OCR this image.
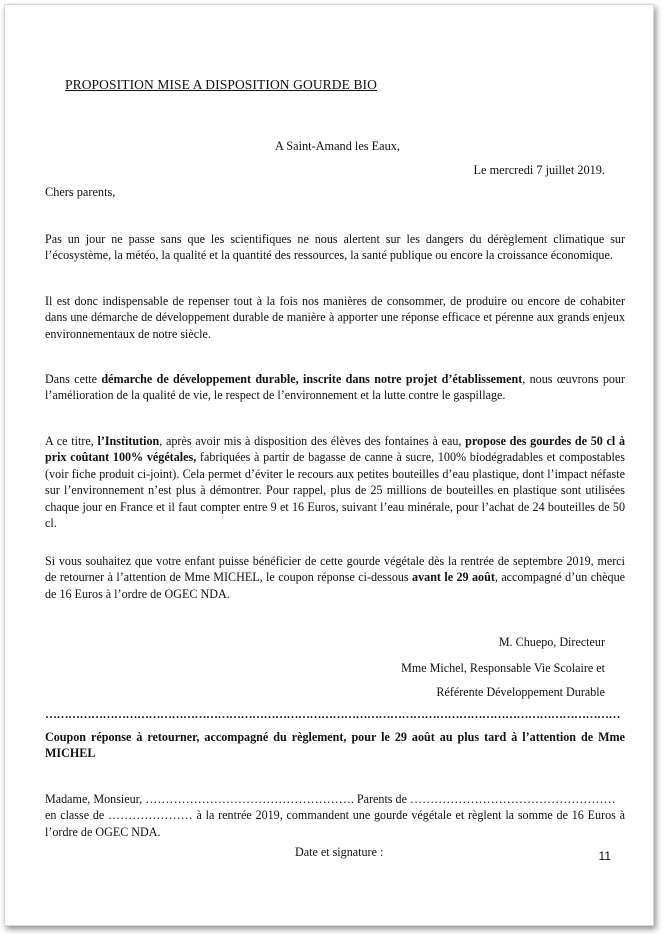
PROPOSITION MISE A DISPOSITION GOURDE BIO
A Saint-Amand les Eaux,
Le mercredi 7 juillet 2019.
Chers parents,

Pas un jour ne passe sans que les scientifiques ne nous alertent sur les dangers du dérèglement climatique sur l’écosystème, la météo, la qualité et la quantité des ressources, la santé publique ou encore la croissance économique.

Il est donc indispensable de repenser tout à la fois nos manières de consommer, de produire ou encore de cohabiter dans une démarche de développement durable de manière à apporter une réponse efficace et pérenne aux grands enjeux environnementaux de notre siècle.

Dans cette démarche de développement durable, inscrite dans notre projet d’établissement, nous œuvrons pour l’amélioration de la qualité de vie, le respect de l’environnement et la lutte contre le gaspillage.

A ce titre, l’Institution, après avoir mis à disposition des élèves des fontaines à eau, propose des gourdes de 50 cl à prix coûtant 100% végétales, fabriquées à partir de bagasse de canne à sucre, 100% biodégradables et compostables (voir fiche produit ci-joint). Cela permet d’éviter le recours aux petites bouteilles d’eau plastique, dont l’impact néfaste sur l’environnement n’est plus à démontrer. Pour rappel, plus de 25 millions de bouteilles en plastique sont utilisées chaque jour en France et il faut compter entre 9 et 16 Euros, suivant l’eau minérale, pour l’achat de 24 bouteilles de 50 cl.

Si vous souhaitez que votre enfant puisse bénéficier de cette gourde végétale dès la rentrée de septembre 2019, merci de retourner à l’attention de Mme MICHEL, le coupon réponse ci-dessous avant le 29 août, accompagné d’un chèque de 16 Euros à l’ordre de OGEC NDA.

M. Chuepo, Directeur
Mme Michel, Responsable Vie Scolaire et
Référente Développement Durable
……………………………………………………………………………………………………………………………………

Coupon réponse à retourner, accompagné du règlement, pour le 29 août au plus tard à l’attention de Mme MICHEL

Madame, Monsieur, ……………………………………………. Parents de ……………………………………………

en classe de ………………… à la rentrée 2019, commandent une gourde végétale et règlent la somme de 16 Euros à l’ordre de OGEC NDA.

Date et signature :	11
